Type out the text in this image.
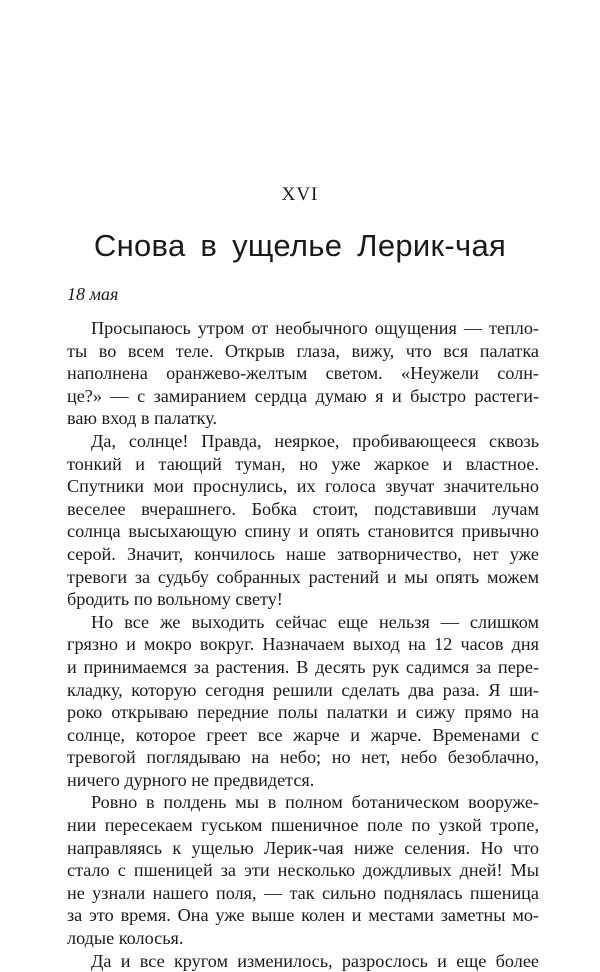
XVI
Снова в ущелье Лерик-чая
18 мая
Просыпаюсь утром от необычного ощущения — тепло-
ты во всем теле. Открыв глаза, вижу, что вся палатка
наполнена оранжево-желтым светом. «Неужели солн-
це?» — с замиранием сердца думаю я и быстро растеги-
ваю вход в палатку.
Да, солнце! Правда, неяркое, пробивающееся сквозь
тонкий и тающий туман, но уже жаркое и властное.
Спутники мои проснулись, их голоса звучат значительно
веселее вчерашнего. Бобка стоит, подставивши лучам
солнца высыхающую спину и опять становится привычно
серой. Значит, кончилось наше затворничество, нет уже
тревоги за судьбу собранных растений и мы опять можем
бродить по вольному свету!
Но все же выходить сейчас еще нельзя — слишком
грязно и мокро вокруг. Назначаем выход на 12 часов дня
и принимаемся за растения. В десять рук садимся за пере-
кладку, которую сегодня решили сделать два раза. Я ши-
роко открываю передние полы палатки и сижу прямо на
солнце, которое греет все жарче и жарче. Временами с
тревогой поглядываю на небо; но нет, небо безоблачно,
ничего дурного не предвидется.
Ровно в полдень мы в полном ботаническом вооруже-
нии пересекаем гуськом пшеничное поле по узкой тропе,
направляясь к ущелью Лерик-чая ниже селения. Но что
стало с пшеницей за эти несколько дождливых дней! Мы
не узнали нашего поля, — так сильно поднялась пшеница
за это время. Она уже выше колен и местами заметны мо-
лодые колосья.
Да и все кругом изменилось, разрослось и еще более
